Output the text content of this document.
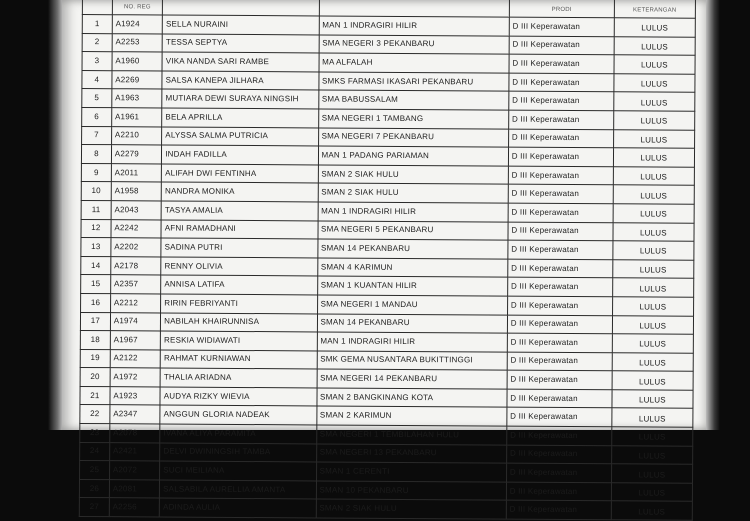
	NO. REG			PRODI	KETERANGAN
1	A1924	SELLA NURAINI	MAN 1 INDRAGIRI HILIR	D III Keperawatan	LULUS
2	A2253	TESSA SEPTYA	SMA NEGERI 3 PEKANBARU	D III Keperawatan	LULUS
3	A1960	VIKA NANDA SARI RAMBE	MA ALFALAH	D III Keperawatan	LULUS
4	A2269	SALSA KANEPA JILHARA	SMKS FARMASI IKASARI PEKANBARU	D III Keperawatan	LULUS
5	A1963	MUTIARA DEWI SURAYA NINGSIH	SMA BABUSSALAM	D III Keperawatan	LULUS
6	A1961	BELA APRILLA	SMA NEGERI 1 TAMBANG	D III Keperawatan	LULUS
7	A2210	ALYSSA SALMA PUTRICIA	SMA NEGERI 7 PEKANBARU	D III Keperawatan	LULUS
8	A2279	INDAH FADILLA	MAN 1 PADANG PARIAMAN	D III Keperawatan	LULUS
9	A2011	ALIFAH DWI FENTINHA	SMAN 2 SIAK HULU	D III Keperawatan	LULUS
10	A1958	NANDRA MONIKA	SMAN 2 SIAK HULU	D III Keperawatan	LULUS
11	A2043	TASYA AMALIA	MAN 1 INDRAGIRI HILIR	D III Keperawatan	LULUS
12	A2242	AFNI RAMADHANI	SMA NEGERI 5 PEKANBARU	D III Keperawatan	LULUS
13	A2202	SADINA PUTRI	SMAN 14 PEKANBARU	D III Keperawatan	LULUS
14	A2178	RENNY OLIVIA	SMAN 4 KARIMUN	D III Keperawatan	LULUS
15	A2357	ANNISA LATIFA	SMAN 1 KUANTAN HILIR	D III Keperawatan	LULUS
16	A2212	RIRIN FEBRIYANTI	SMA NEGERI 1 MANDAU	D III Keperawatan	LULUS
17	A1974	NABILAH KHAIRUNNISA	SMAN 14 PEKANBARU	D III Keperawatan	LULUS
18	A1967	RESKIA WIDIAWATI	MAN 1 INDRAGIRI HILIR	D III Keperawatan	LULUS
19	A2122	RAHMAT KURNIAWAN	SMK GEMA NUSANTARA BUKITTINGGI	D III Keperawatan	LULUS
20	A1972	THALIA ARIADNA	SMA NEGERI 14 PEKANBARU	D III Keperawatan	LULUS
21	A1923	AUDYA RIZKY WIEVIA	SMAN 2 BANGKINANG KOTA	D III Keperawatan	LULUS
22	A2347	ANGGUN GLORIA NADEAK	SMAN 2 KARIMUN	D III Keperawatan	LULUS
23	A2078	IVANA ALIYA PARAMITA	SMA NEGERI 1 TEMBILAHAN HULU	D III Keperawatan	LULUS
24	A2421	DELVI DWININGSIH TAMBA	SMA NEGERI 13 PEKANBARU	D III Keperawatan	LULUS
25	A2072	SUCI MEILIANA	SMAN 1 CERENTI	D III Keperawatan	LULUS
26	A2081	SALSABILA AURELLIA AMANTA	SMAN 10 PEKANBARU	D III Keperawatan	LULUS
27	A2256	ADINDA AULIA	SMAN 2 SIAK HULU	D III Keperawatan	LULUS
